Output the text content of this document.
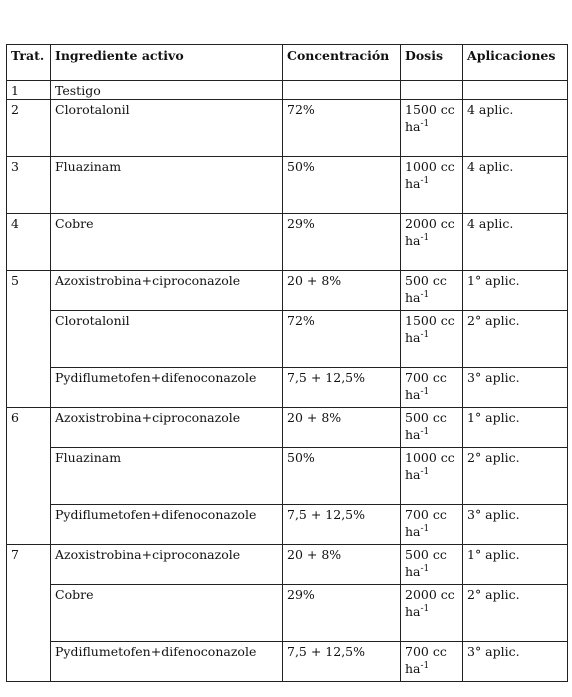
Trat.	Ingrediente activo	Concentración	Dosis	Aplicaciones
1	Testigo			
2	Clorotalonil	72%	1500 cc $ha^{-1}$	4 aplic.
3	Fluazinam	50%	1000 cc $ha^{-1}$	4 aplic.
4	Cobre	29%	2000 cc $ha^{-1}$	4 aplic.
5	Azoxistrobina+ciproconazole	20 + 8%	500 cc $ha^{-1}$	1° aplic.
	Clorotalonil	72%	1500 cc $ha^{-1}$	2° aplic.
	Pydiflumetofen+difenoconazole	7,5 + 12,5%	700 cc $ha^{-1}$	3° aplic.
6	Azoxistrobina+ciproconazole	20 + 8%	500 cc $ha^{-1}$	1° aplic.
	Fluazinam	50%	1000 cc $ha^{-1}$	2° aplic.
	Pydiflumetofen+difenoconazole	7,5 + 12,5%	700 cc $ha^{-1}$	3° aplic.
7	Azoxistrobina+ciproconazole	20 + 8%	500 cc $ha^{-1}$	1° aplic.
	Cobre	29%	2000 cc $ha^{-1}$	2° aplic.
	Pydiflumetofen+difenoconazole	7,5 + 12,5%	700 cc $ha^{-1}$	3° aplic.
